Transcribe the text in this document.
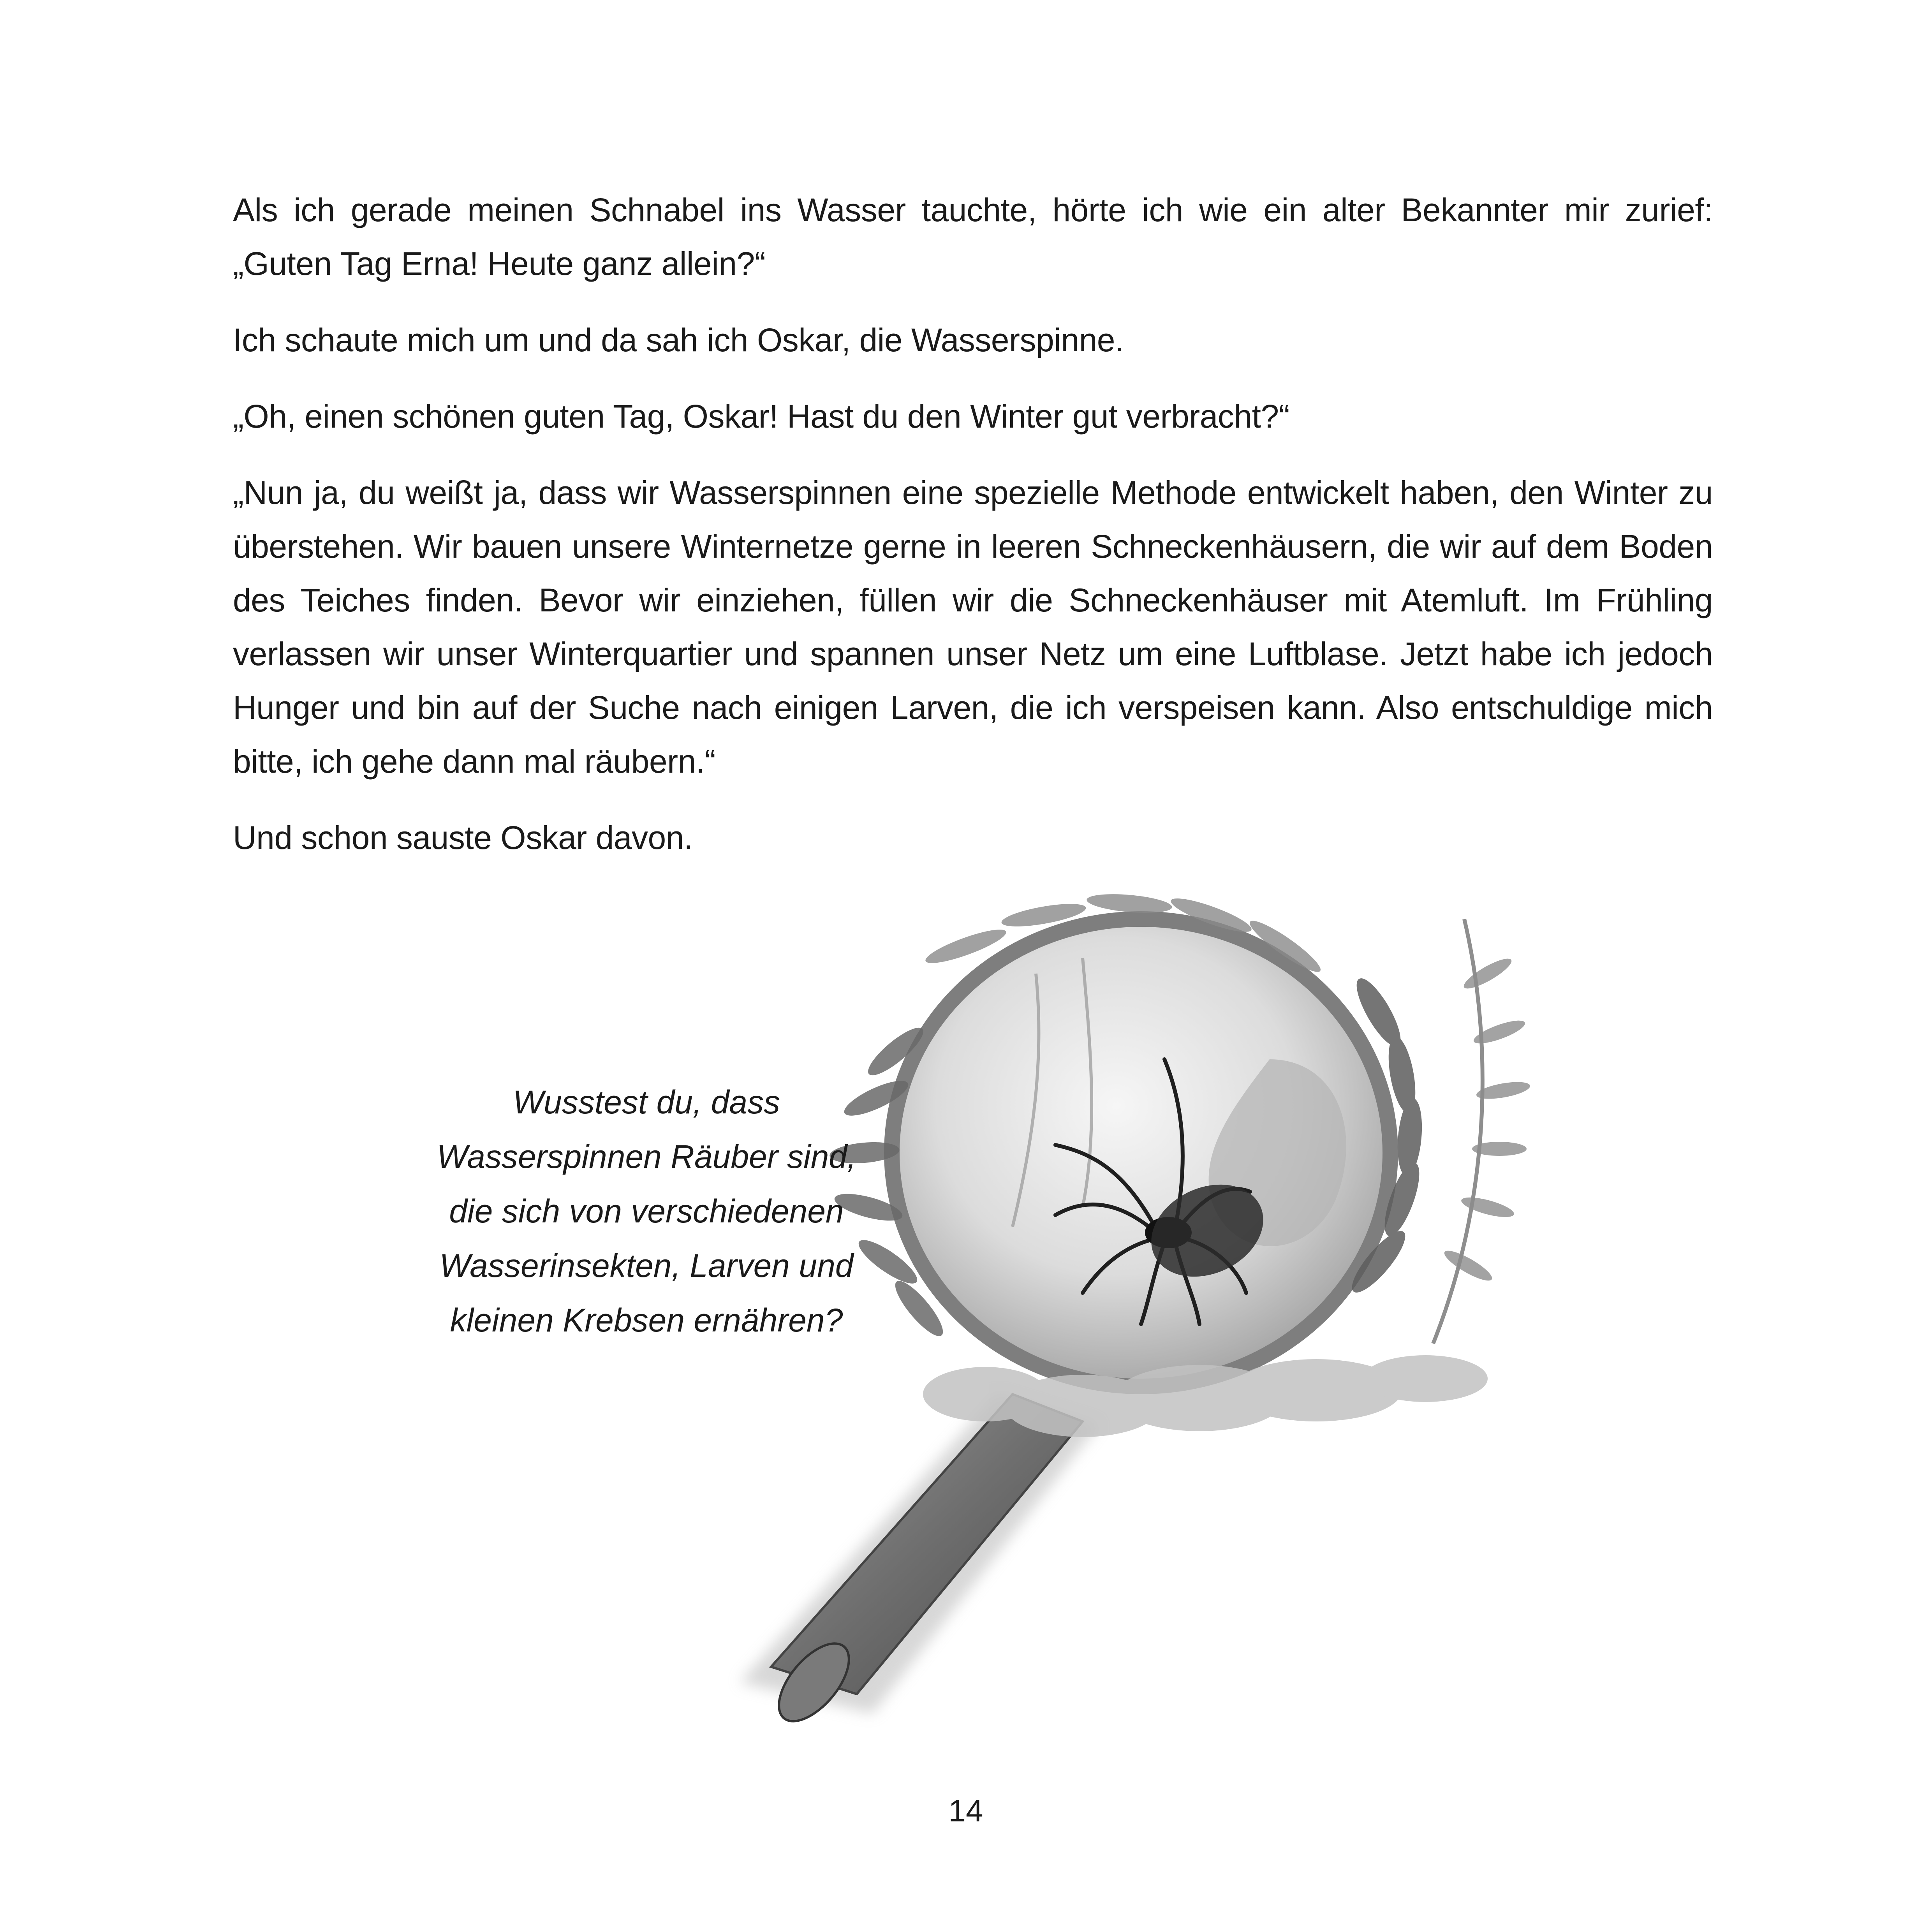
Als ich gerade meinen Schnabel ins Wasser tauchte, hörte ich wie ein alter Bekannter mir zurief: „Guten Tag Erna! Heute ganz allein?“

Ich schaute mich um und da sah ich Oskar, die Wasserspinne.

„Oh, einen schönen guten Tag, Oskar! Hast du den Winter gut verbracht?“

„Nun ja, du weißt ja, dass wir Wasserspinnen eine spezielle Methode entwickelt haben, den Winter zu überstehen. Wir bauen unsere Winternetze gerne in leeren Schneckenhäusern, die wir auf dem Boden des Teiches finden. Bevor wir einziehen, füllen wir die Schneckenhäuser mit Atemluft. Im Frühling verlassen wir unser Winterquartier und spannen unser Netz um eine Luftblase. Jetzt habe ich jedoch Hunger und bin auf der Suche nach einigen Larven, die ich verspeisen kann. Also entschuldige mich bitte, ich gehe dann mal räubern.“

Und schon sauste Oskar davon.

Wusstest du, dass
Wasserspinnen Räuber sind,
die sich von verschiedenen
Wasserinsekten, Larven und
kleinen Krebsen ernähren?
14
